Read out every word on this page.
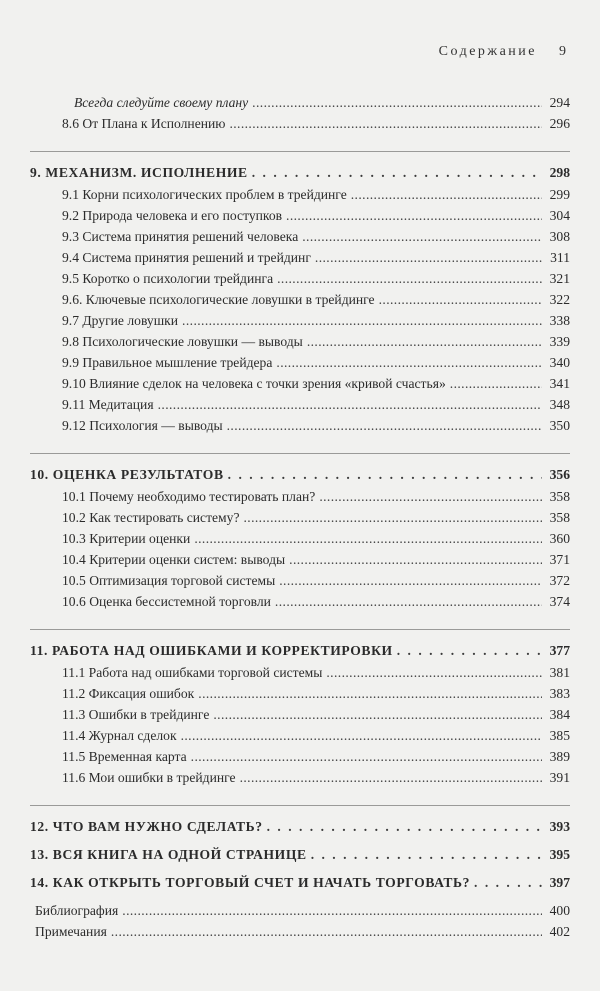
Содержание 9
Всегда следуйте своему плану . . .	294
8.6 От Плана к Исполнению . . .	296
9. МЕХАНИЗМ. ИСПОЛНЕНИЕ . . .	298
9.1 Корни психологических проблем в трейдинге . . .	299
9.2 Природа человека и его поступков . . .	304
9.3 Система принятия решений человека . . .	308
9.4 Система принятия решений и трейдинг . . .	311
9.5 Коротко о психологии трейдинга . . .	321
9.6. Ключевые психологические ловушки в трейдинге . . .	322
9.7 Другие ловушки . . .	338
9.8 Психологические ловушки — выводы . . .	339
9.9 Правильное мышление трейдера . . .	340
9.10 Влияние сделок на человека с точки зрения «кривой счастья» . . .	341
9.11 Медитация . . .	348
9.12 Психология — выводы . . .	350
10. ОЦЕНКА РЕЗУЛЬТАТОВ . . .	356
10.1 Почему необходимо тестировать план? . . .	358
10.2 Как тестировать систему? . . .	358
10.3 Критерии оценки . . .	360
10.4 Критерии оценки систем: выводы . . .	371
10.5 Оптимизация торговой системы . . .	372
10.6 Оценка бессистемной торговли . . .	374
11. РАБОТА НАД ОШИБКАМИ И КОРРЕКТИРОВКИ . . .	377
11.1 Работа над ошибками торговой системы . . .	381
11.2 Фиксация ошибок . . .	383
11.3 Ошибки в трейдинге . . .	384
11.4 Журнал сделок . . .	385
11.5 Временная карта . . .	389
11.6 Мои ошибки в трейдинге . . .	391
12. ЧТО ВАМ НУЖНО СДЕЛАТЬ? . . .	393
13. ВСЯ КНИГА НА ОДНОЙ СТРАНИЦЕ . . .	395
14. КАК ОТКРЫТЬ ТОРГОВЫЙ СЧЕТ И НАЧАТЬ ТОРГОВАТЬ? . . .	397
Библиография . . .	400
Примечания . . .	402
